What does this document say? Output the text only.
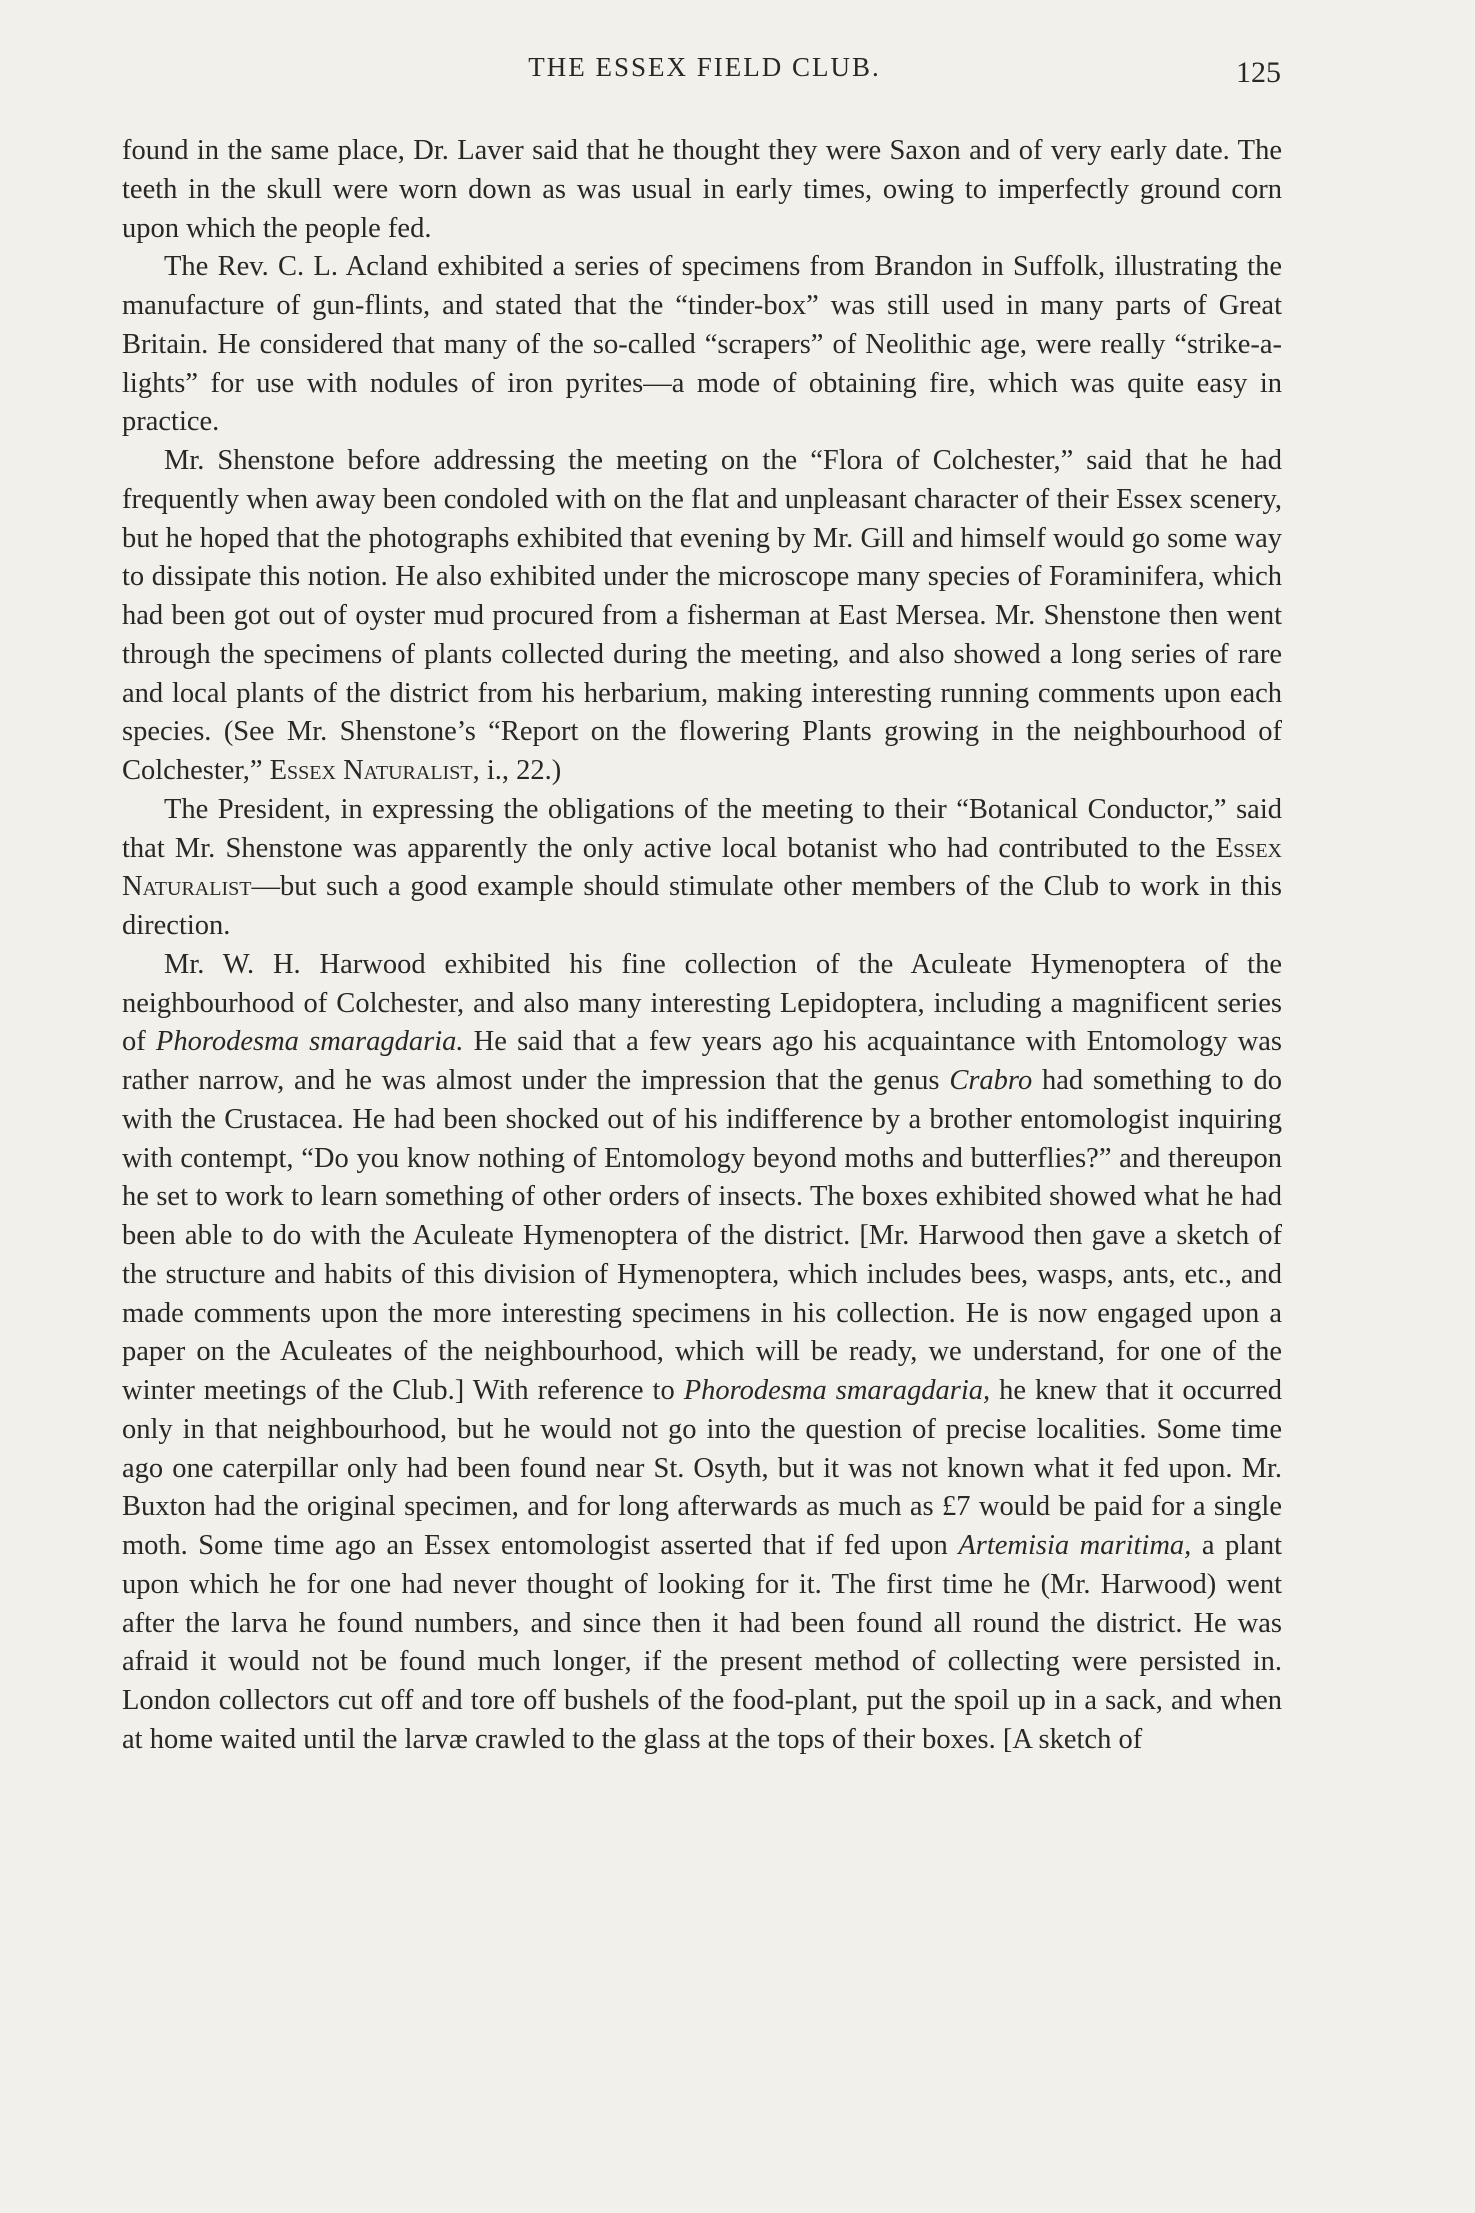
THE ESSEX FIELD CLUB.	125

found in the same place, Dr. Laver said that he thought they were Saxon and of very early date. The teeth in the skull were worn down as was usual in early times, owing to imperfectly ground corn upon which the people fed.

The Rev. C. L. Acland exhibited a series of specimens from Brandon in Suffolk, illustrating the manufacture of gun-flints, and stated that the “tinder-box” was still used in many parts of Great Britain. He considered that many of the so-called “scrapers” of Neolithic age, were really “strike-a-lights” for use with nodules of iron pyrites—a mode of obtaining fire, which was quite easy in practice.

Mr. Shenstone before addressing the meeting on the “Flora of Colchester,” said that he had frequently when away been condoled with on the flat and unpleasant character of their Essex scenery, but he hoped that the photographs exhibited that evening by Mr. Gill and himself would go some way to dissipate this notion. He also exhibited under the microscope many species of Foraminifera, which had been got out of oyster mud procured from a fisherman at East Mersea. Mr. Shenstone then went through the specimens of plants collected during the meeting, and also showed a long series of rare and local plants of the district from his herbarium, making interesting running comments upon each species. (See Mr. Shenstone’s “Report on the flowering Plants growing in the neighbourhood of Colchester,” Essex Naturalist, i., 22.)

The President, in expressing the obligations of the meeting to their “Botanical Conductor,” said that Mr. Shenstone was apparently the only active local botanist who had contributed to the Essex Naturalist—but such a good example should stimulate other members of the Club to work in this direction.

Mr. W. H. Harwood exhibited his fine collection of the Aculeate Hymenoptera of the neighbourhood of Colchester, and also many interesting Lepidoptera, including a magnificent series of Phorodesma smaragdaria. He said that a few years ago his acquaintance with Entomology was rather narrow, and he was almost under the impression that the genus Crabro had something to do with the Crustacea. He had been shocked out of his indifference by a brother entomologist inquiring with contempt, “Do you know nothing of Entomology beyond moths and butterflies?” and thereupon he set to work to learn something of other orders of insects. The boxes exhibited showed what he had been able to do with the Aculeate Hymenoptera of the district. [Mr. Harwood then gave a sketch of the structure and habits of this division of Hymenoptera, which includes bees, wasps, ants, etc., and made comments upon the more interesting specimens in his collection. He is now engaged upon a paper on the Aculeates of the neighbourhood, which will be ready, we understand, for one of the winter meetings of the Club.] With reference to Phorodesma smaragdaria, he knew that it occurred only in that neighbourhood, but he would not go into the question of precise localities. Some time ago one caterpillar only had been found near St. Osyth, but it was not known what it fed upon. Mr. Buxton had the original specimen, and for long afterwards as much as £7 would be paid for a single moth. Some time ago an Essex entomologist asserted that if fed upon Artemisia maritima, a plant upon which he for one had never thought of looking for it. The first time he (Mr. Harwood) went after the larva he found numbers, and since then it had been found all round the district. He was afraid it would not be found much longer, if the present method of collecting were persisted in. London collectors cut off and tore off bushels of the food-plant, put the spoil up in a sack, and when at home waited until the larvæ crawled to the glass at the tops of their boxes. [A sketch of
